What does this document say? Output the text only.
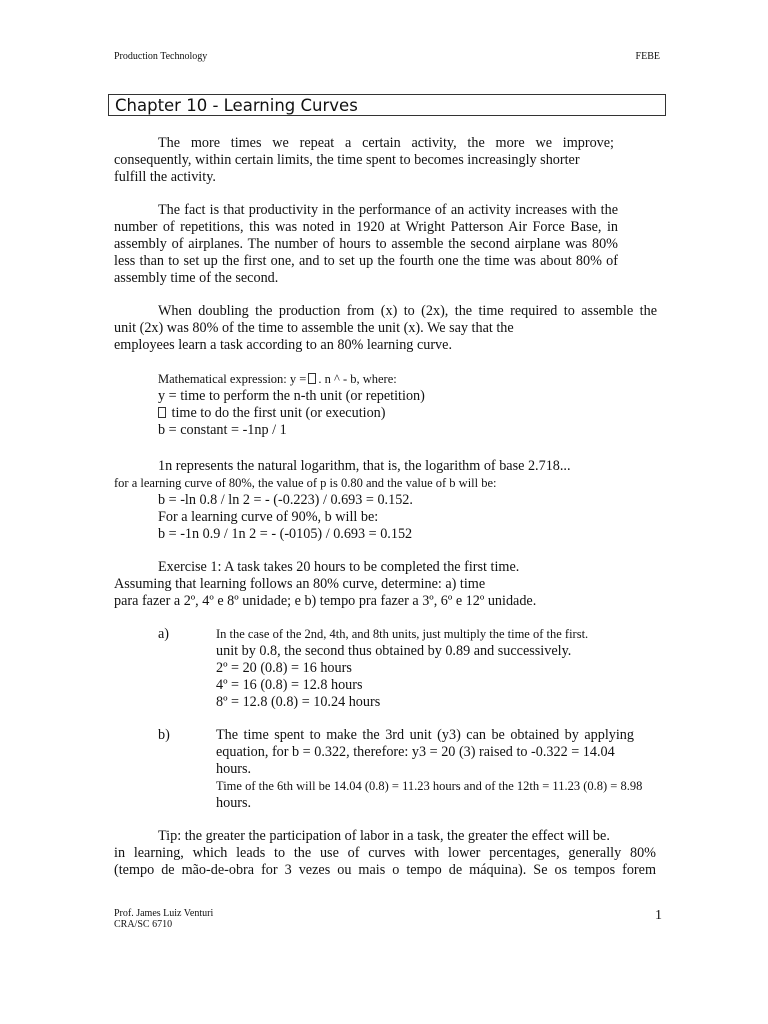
Production Technology	FEBE
Chapter 10 - Learning Curves
The more times we repeat a certain activity, the more we improve;
consequently, within certain limits, the time spent to becomes increasingly shorter
fulfill the activity.
The fact is that productivity in the performance of an activity increases with the
number of repetitions, this was noted in 1920 at Wright Patterson Air Force Base, in
assembly of airplanes. The number of hours to assemble the second airplane was 80%
less than to set up the first one, and to set up the fourth one the time was about 80% of
assembly time of the second.
When doubling the production from (x) to (2x), the time required to assemble the
unit (2x) was 80% of the time to assemble the unit (x). We say that the
employees learn a task according to an 80% learning curve.
Mathematical expression: y = . n ^ - b, where:
y = time to perform the n-th unit (or repetition)
time to do the first unit (or execution)
b = constant = -1np / 1
1n represents the natural logarithm, that is, the logarithm of base 2.718...
for a learning curve of 80%, the value of p is 0.80 and the value of b will be:
b = -ln 0.8 / ln 2 = - (-0.223) / 0.693 = 0.152.
For a learning curve of 90%, b will be:
b = -1n 0.9 / 1n 2 = - (-0105) / 0.693 = 0.152
Exercise 1: A task takes 20 hours to be completed the first time.
Assuming that learning follows an 80% curve, determine: a) time
para fazer a 2º, 4º e 8º unidade; e b) tempo pra fazer a 3º, 6º e 12º unidade.
a)	In the case of the 2nd, 4th, and 8th units, just multiply the time of the first.
unit by 0.8, the second thus obtained by 0.89 and successively.
2º = 20 (0.8) = 16 hours
4º = 16 (0.8) = 12.8 hours
8º = 12.8 (0.8) = 10.24 hours
b)	The time spent to make the 3rd unit (y3) can be obtained by applying
equation, for b = 0.322, therefore: y3 = 20 (3) raised to -0.322 = 14.04
hours.
Time of the 6th will be 14.04 (0.8) = 11.23 hours and of the 12th = 11.23 (0.8) = 8.98
hours.
Tip: the greater the participation of labor in a task, the greater the effect will be.
in learning, which leads to the use of curves with lower percentages, generally 80%
(tempo de mão-de-obra for 3 vezes ou mais o tempo de máquina). Se os tempos forem
Prof. James Luiz Venturi
CRA/SC 6710
1
